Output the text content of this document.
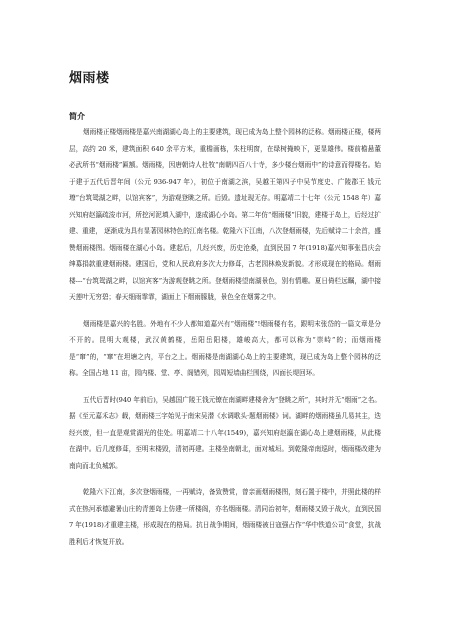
烟雨楼
简介

烟雨楼正楼烟雨楼是嘉兴南湖湖心岛上的主要建筑，现已成为岛上整个园林的泛称。烟雨楼正楼，楼两层，高约 20 米，建筑面积 640 余平方米，重檐画栋，朱柱明窗，在绿树掩映下，更显雄伟。楼前檐悬董必武所书“烟雨楼”匾额。烟雨楼，因唐朝诗人杜牧“南朝四百八十寺，多少楼台烟雨中”的诗意而得楼名。始于建于五代后晋年间（公元 936-947 年），初位于南湖之滨，吴越王第四子中吴节度史、广陵郡王 钱元璙“台筑鸳湖之畔，以馆宾客”，为游观登眺之所。后毁。遗址现无存。明嘉靖二十七年（公元 1548 年）嘉兴知府赵瀛疏浚市河，所挖河泥填入湖中，遂成湖心小岛。第二年仿“烟雨楼”旧貌，建楼于岛上，后经过扩建、重建， 逐渐成为具有显著园林特色的江南名楼。乾隆六下江南，八次登烟雨楼，先后赋诗二十余首，盛赞烟雨楼图。烟雨楼在湖心小岛。建起后，几经兴废，历史沧桑，直到民国 7 年(1918)嘉兴知事张昌庆会绅募捐款重建烟雨楼。建国后，党和人民政府多次大力修葺，古老园林焕发新貌。才形成现在的格局。烟雨楼---“台筑鸳湖之畔，以馆宾客”为游观登眺之所。登烟雨楼望南湖景色，别有情趣。夏日倚栏远瞩，湖中接天莲叶无穷碧；春天细雨霏霏，湖面上下烟雨朦胧，景色全在烟雾之中。

烟雨楼是嘉兴的名胜。外地有不少人都知道嘉兴有“烟雨楼”!烟雨楼有名，跟明末张岱的一篇文章是分不开的。昆明大观楼，武汉黄鹤楼，岳阳岳阳楼，雄峻高大，都可以称为“崇峙”的；而烟雨楼是“窜”的，“窜”在坦塘之内，平台之上。烟雨楼是南湖湖心岛上的主要建筑，现已成为岛上整个园林的泛称。全国占地 11 亩，园内楼、堂、亭、阁错列，园周短墙曲栏围绕，四面长堤回环。

五代后晋时(940 年前后)，吴越国广陵王钱元镣在南湖畔建楼舍为“登眺之所”，其时并无“烟雨”之名。据《至元嘉禾志》载，烟雨楼三字始见于南宋吴潜《水调歌头·题烟雨楼》词。湖畔的烟雨楼虽几易其主，迭经兴废，但一直是观赏湖光的佳处。明嘉靖二十八年(1549)，嘉兴知府赵瀛在湖心岛上建烟雨楼，从此楼在湖中。后几度修葺，至明末楼毁，清初再建。主楼坐南朝北，面对城垣。到乾隆帝南巡时，烟雨楼改建为南向而北负城郭。

乾隆六下江南，多次登烟雨楼，一再赋诗，备致赞赏，曾亲画烟雨楼图，刻石置于楼中，并照此楼的样式在热河承德避暑山庄的青莲岛上仿建一所楼阁，亦名烟雨楼。清同治初年，烟雨楼又毁于战火，直到民国 7 年(1918)才重建主楼，形成现在的格局。抗日战争期间，烟雨楼被日寇强占作“华中铁道公司”食堂，抗战胜利后才恢复开放。
